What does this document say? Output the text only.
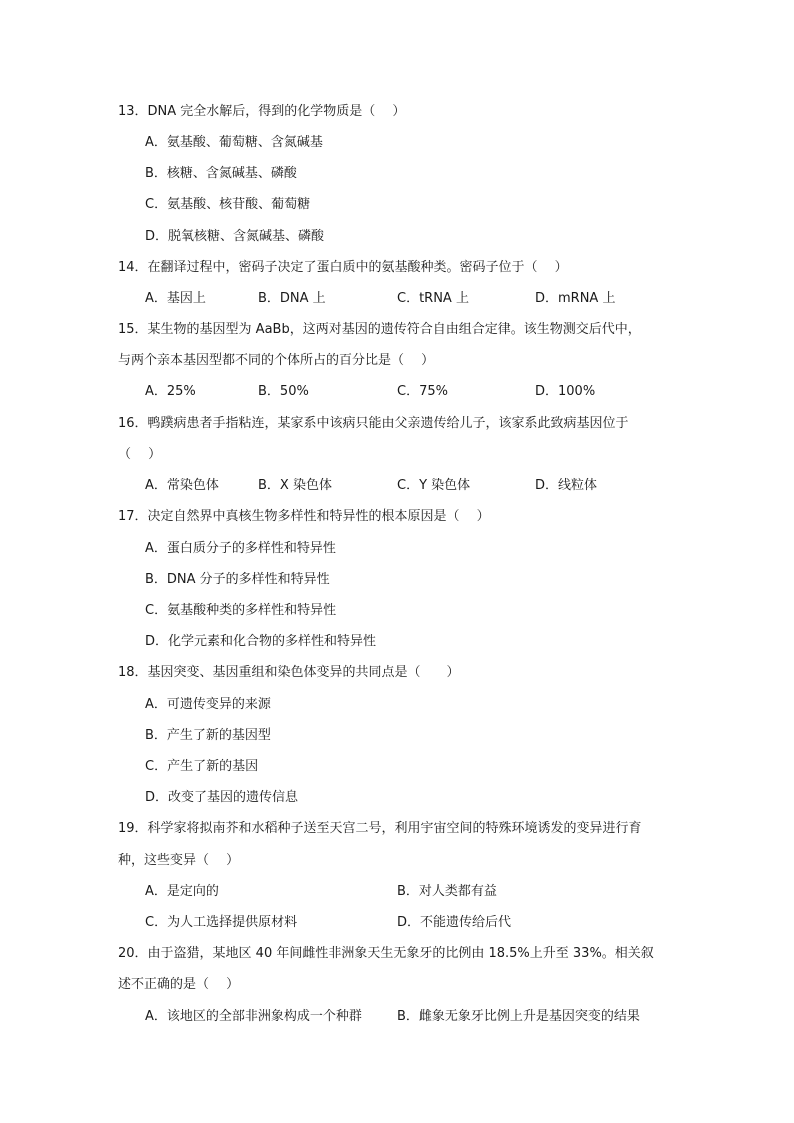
13．DNA 完全水解后，得到的化学物质是（　 ）
A．氨基酸、葡萄糖、含氮碱基
B．核糖、含氮碱基、磷酸
C．氨基酸、核苷酸、葡萄糖
D．脱氧核糖、含氮碱基、磷酸
14．在翻译过程中，密码子决定了蛋白质中的氨基酸种类。密码子位于（　 ）
A．基因上	B．DNA 上	C．tRNA 上	D．mRNA 上
15．某生物的基因型为 AaBb，这两对基因的遗传符合自由组合定律。该生物测交后代中，
与两个亲本基因型都不同的个体所占的百分比是（　 ）
A．25%	B．50%	C．75%	D．100%
16．鸭蹼病患者手指粘连，某家系中该病只能由父亲遗传给儿子，该家系此致病基因位于
（　 ）
A．常染色体	B．X 染色体	C．Y 染色体	D．线粒体
17．决定自然界中真核生物多样性和特异性的根本原因是（　 ）
A．蛋白质分子的多样性和特异性
B．DNA 分子的多样性和特异性
C．氨基酸种类的多样性和特异性
D．化学元素和化合物的多样性和特异性
18．基因突变、基因重组和染色体变异的共同点是（　　）
A．可遗传变异的来源
B．产生了新的基因型
C．产生了新的基因
D．改变了基因的遗传信息
19．科学家将拟南芥和水稻种子送至天宫二号，利用宇宙空间的特殊环境诱发的变异进行育
种，这些变异（　 ）
A．是定向的	B．对人类都有益
C．为人工选择提供原材料	D．不能遗传给后代
20．由于盗猎，某地区 40 年间雌性非洲象天生无象牙的比例由 18.5%上升至 33%。相关叙
述不正确的是（　 ）
A．该地区的全部非洲象构成一个种群	B．雌象无象牙比例上升是基因突变的结果
